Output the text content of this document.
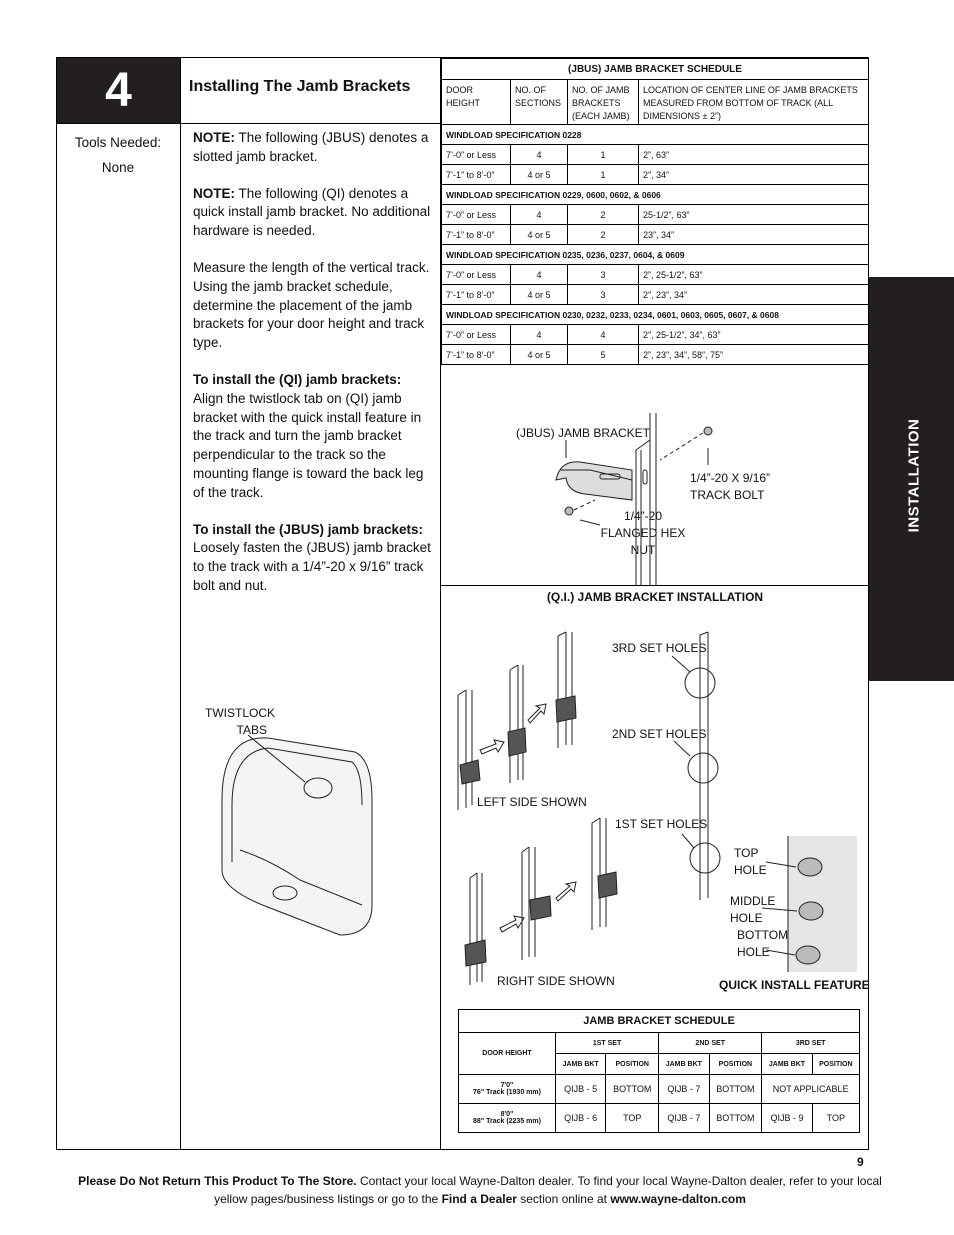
4	Installing The Jamb Brackets
Tools Needed:
None

NOTE: The following (JBUS) denotes a slotted jamb bracket.

NOTE: The following (QI) denotes a quick install jamb bracket. No additional hardware is needed.

Measure the length of the vertical track. Using the jamb bracket schedule, determine the placement of the jamb brackets for your door height and track type.

To install the (QI) jamb brackets:
Align the twistlock tab on (QI) jamb bracket with the quick install feature in the track and turn the jamb bracket perpendicular to the track so the mounting flange is toward the back leg of the track.

To install the (JBUS) jamb brackets:
Loosely fasten the (JBUS) jamb bracket to the track with a 1/4”-20 x 9/16” track bolt and nut.

INSTALLATION
(JBUS) JAMB BRACKET SCHEDULE			
DOOR HEIGHT	NO. OF SECTIONS	NO. OF JAMB BRACKETS (EACH JAMB)	LOCATION OF CENTER LINE OF JAMB BRACKETS MEASURED FROM BOTTOM OF TRACK (ALL DIMENSIONS ± 2”)
WINDLOAD SPECIFICATION 0228			
7’-0” or Less	4	1	2”, 63”
7’-1” to 8’-0”	4 or 5	1	2”, 34”
WINDLOAD SPECIFICATION 0229, 0600, 0602, & 0606			
7’-0” or Less	4	2	25-1/2”, 63”
7’-1” to 8’-0”	4 or 5	2	23”, 34”
WINDLOAD SPECIFICATION 0235, 0236, 0237, 0604, & 0609			
7’-0” or Less	4	3	2”, 25-1/2”, 63”
7’-1” to 8’-0”	4 or 5	3	2”, 23”, 34”
WINDLOAD SPECIFICATION 0230, 0232, 0233, 0234, 0601, 0603, 0605, 0607, & 0608			
7’-0” or Less	4	4	2”, 25-1/2”, 34”, 63”
7’-1” to 8’-0”	4 or 5	5	2”, 23”, 34”, 58”, 75”
(JBUS) JAMB BRACKET
1/4”-20 X 9/16”
TRACK BOLT
1/4”-20
FLANGED HEX
NUT
TWISTLOCK
TABS
(Q.I.) JAMB BRACKET INSTALLATION
3RD SET HOLES
2ND SET HOLES
1ST SET HOLES
LEFT SIDE SHOWN
RIGHT SIDE SHOWN
TOP
HOLE
MIDDLE
HOLE
BOTTOM
HOLE
QUICK INSTALL FEATURE
JAMB BRACKET SCHEDULE						
DOOR HEIGHT	1ST SET		2ND SET		3RD SET	
	JAMB BKT	POSITION	JAMB BKT	POSITION	JAMB BKT	POSITION
7'0"
76" Track (1930 mm)	QIJB - 5	BOTTOM	QIJB - 7	BOTTOM	NOT APPLICABLE	
8'0"
88" Track (2235 mm)	QIJB - 6	TOP	QIJB - 7	BOTTOM	QIJB - 9	TOP
9
Please Do Not Return This Product To The Store. Contact your local Wayne-Dalton dealer. To find your local Wayne-Dalton dealer, refer to your local yellow pages/business listings or go to the Find a Dealer section online at www.wayne-dalton.com
